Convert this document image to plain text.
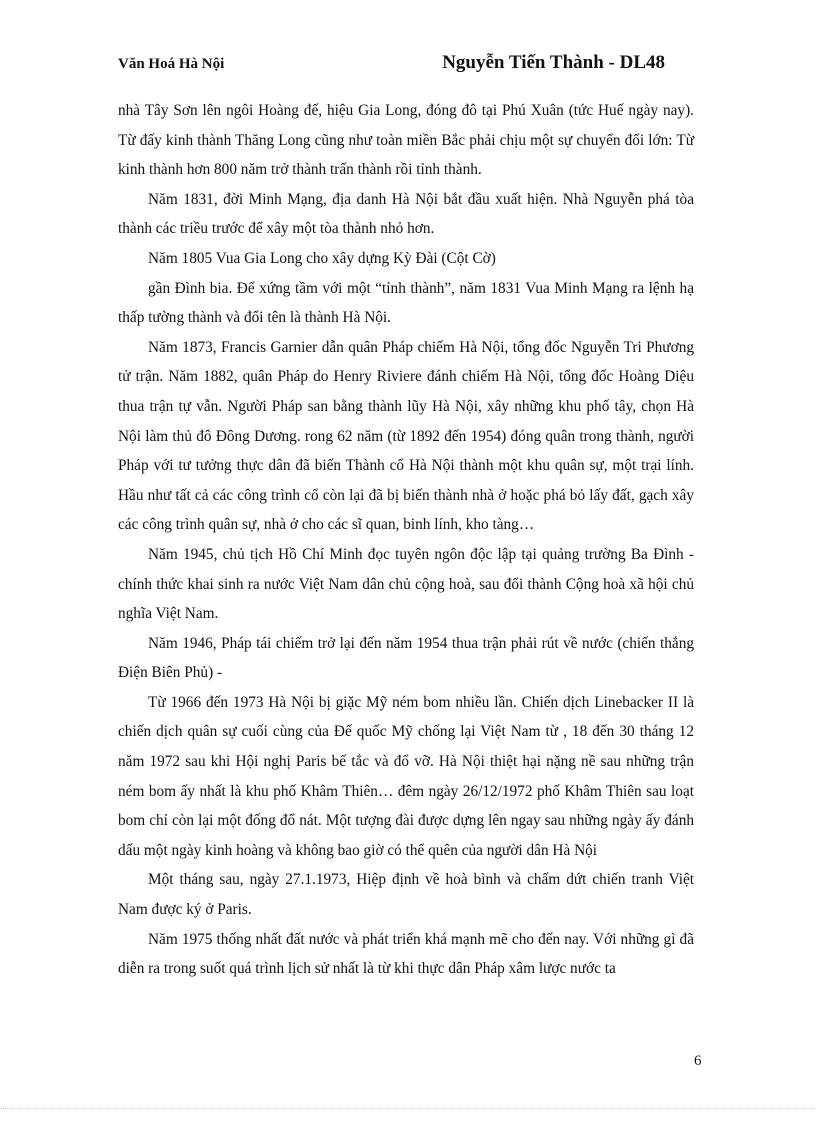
Văn Hoá Hà Nội	Nguyễn Tiến Thành - DL48

nhà Tây Sơn lên ngôi Hoàng đế, hiệu Gia Long, đóng đô tại Phú Xuân (tức Huế ngày nay). Từ đấy kinh thành Thăng Long cũng như toàn miền Bắc phải chịu một sự chuyển đổi lớn: Từ kinh thành hơn 800 năm trở thành trấn thành rồi tỉnh thành.

Năm 1831, đời Minh Mạng, địa danh Hà Nội bắt đầu xuất hiện. Nhà Nguyễn phá tòa thành các triều trước để xây một tòa thành nhỏ hơn.

Năm 1805 Vua Gia Long cho xây dựng Kỳ Đài (Cột Cờ)

gần Đình bia. Để xứng tầm với một “tỉnh thành”, năm 1831 Vua Minh Mạng ra lệnh hạ thấp tường thành và đổi tên là thành Hà Nội.

Năm 1873, Francis Garnier dẫn quân Pháp chiếm Hà Nội, tổng đốc Nguyễn Tri Phương tử trận. Năm 1882, quân Pháp do Henry Riviere đánh chiếm Hà Nội, tổng đốc Hoàng Diệu thua trận tự vẫn. Người Pháp san bằng thành lũy Hà Nội, xây những khu phố tây, chọn Hà Nội làm thủ đô Đông Dương. rong 62 năm (từ 1892 đến 1954) đóng quân trong thành, người Pháp với tư tưởng thực dân đã biến Thành cổ Hà Nội thành một khu quân sự, một trại lính. Hầu như tất cả các công trình cổ còn lại đã bị biến thành nhà ở hoặc phá bỏ lấy đất, gạch xây các công trình quân sự, nhà ở cho các sĩ quan, binh lính, kho tàng…

Năm 1945, chủ tịch Hồ Chí Minh đọc tuyên ngôn độc lập tại quảng trường Ba Đình - chính thức khai sinh ra nước Việt Nam dân chủ cộng hoà, sau đổi thành Cộng hoà xã hội chủ nghĩa Việt Nam.

Năm 1946, Pháp tái chiếm trở lại đến năm 1954 thua trận phải rút về nước (chiến thắng Điện Biên Phủ) -

Từ 1966 đến 1973 Hà Nội bị giặc Mỹ ném bom nhiều lần. Chiến dịch Linebacker II là chiến dịch quân sự cuối cùng của Đế quốc Mỹ chống lại Việt Nam từ , 18 đến 30 tháng 12 năm 1972 sau khi Hội nghị Paris bế tắc và đổ vỡ. Hà Nội thiệt hại nặng nề sau những trận ném bom ấy nhất là khu phố Khâm Thiên… đêm ngày 26/12/1972 phố Khâm Thiên sau loạt bom chỉ còn lại một đống đổ nát. Một tượng đài được dựng lên ngay sau những ngày ấy đánh dấu một ngày kinh hoàng và không bao giờ có thể quên của người dân Hà Nội

Một tháng sau, ngày 27.1.1973, Hiệp định về hoà bình và chấm dứt chiến tranh Việt Nam được ký ở Paris.

Năm 1975 thống nhất đất nước và phát triển khá mạnh mẽ cho đến nay. Với những gì đã diễn ra trong suốt quá trình lịch sử nhất là từ khi thực dân Pháp xâm lược nước ta

6
